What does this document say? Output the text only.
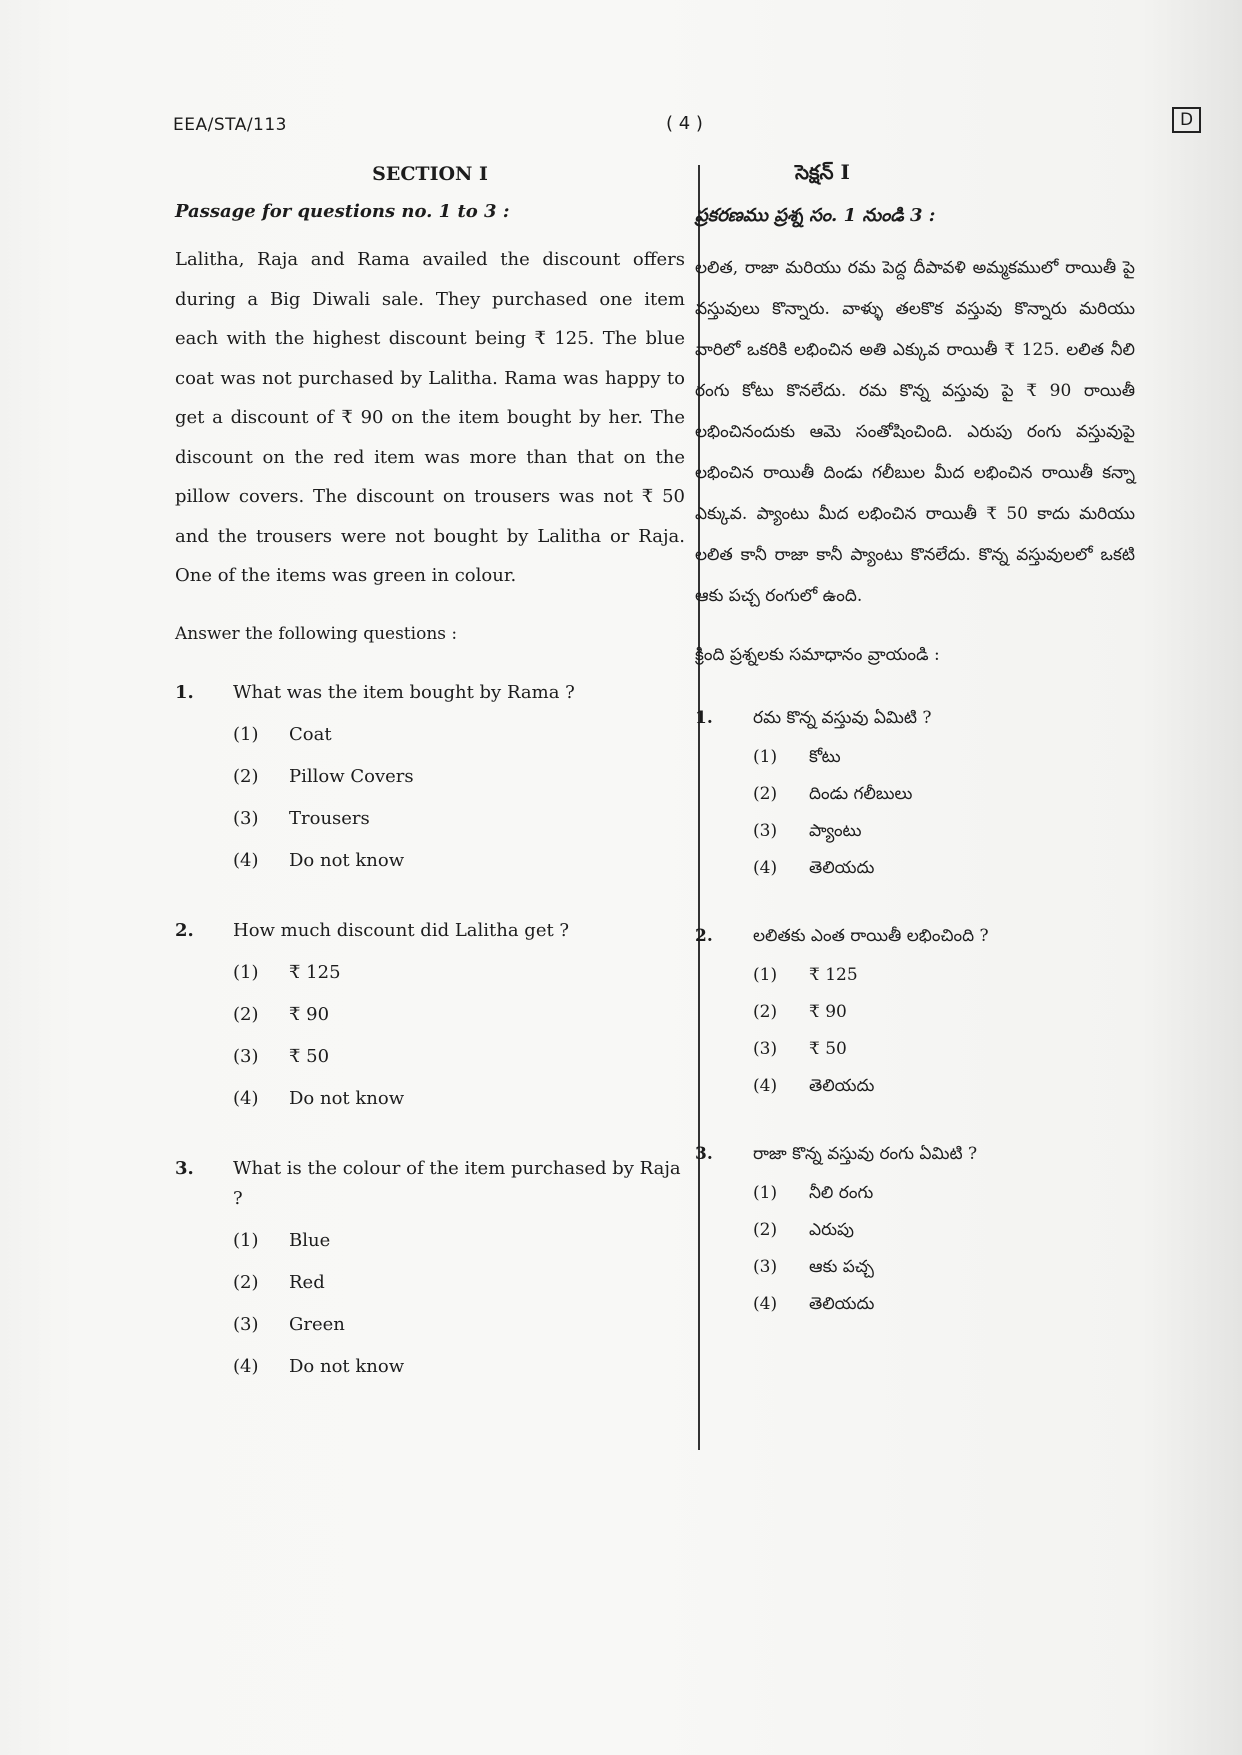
EEA/STA/113	( 4 )	D
SECTION I
Passage for questions no. 1 to 3 :

Lalitha, Raja and Rama availed the discount offers during a Big Diwali sale. They purchased one item each with the highest discount being ₹ 125. The blue coat was not purchased by Lalitha. Rama was happy to get a discount of ₹ 90 on the item bought by her. The discount on the red item was more than that on the pillow covers. The discount on trousers was not ₹ 50 and the trousers were not bought by Lalitha or Raja. One of the items was green in colour.

Answer the following questions :
1.	What was the item bought by Rama ?
(1)	Coat
(2)	Pillow Covers
(3)	Trousers
(4)	Do not know
2.	How much discount did Lalitha get ?
(1)	₹ 125
(2)	₹ 90
(3)	₹ 50
(4)	Do not know
3.	What is the colour of the item purchased by Raja ?
(1)	Blue
(2)	Red
(3)	Green
(4)	Do not know
సెక్షన్ I
ప్రకరణము ప్రశ్న సం. 1 నుండి 3 :

లలిత, రాజా మరియు రమ పెద్ద దీపావళి అమ్మకములో రాయితీ పై వస్తువులు కొన్నారు. వాళ్ళు తలకొక వస్తువు కొన్నారు మరియు వారిలో ఒకరికి లభించిన అతి ఎక్కువ రాయితీ ₹ 125. లలిత నీలి రంగు కోటు కొనలేదు. రమ కొన్న వస్తువు పై ₹ 90 రాయితీ లభించినందుకు ఆమె సంతోషించింది. ఎరుపు రంగు వస్తువుపై లభించిన రాయితీ దిండు గలీబుల మీద లభించిన రాయితీ కన్నా ఎక్కువ. ప్యాంటు మీద లభించిన రాయితీ ₹ 50 కాదు మరియు లలిత కానీ రాజా కానీ ప్యాంటు కొనలేదు. కొన్న వస్తువులలో ఒకటి ఆకు పచ్చ రంగులో ఉంది.

క్రింది ప్రశ్నలకు సమాధానం వ్రాయండి :
1.	రమ కొన్న వస్తువు ఏమిటి ?
(1)	కోటు
(2)	దిండు గలీబులు
(3)	ప్యాంటు
(4)	తెలియదు
2.	లలితకు ఎంత రాయితీ లభించింది ?
(1)	₹ 125
(2)	₹ 90
(3)	₹ 50
(4)	తెలియదు
3.	రాజా కొన్న వస్తువు రంగు ఏమిటి ?
(1)	నీలి రంగు
(2)	ఎరుపు
(3)	ఆకు పచ్చ
(4)	తెలియదు
